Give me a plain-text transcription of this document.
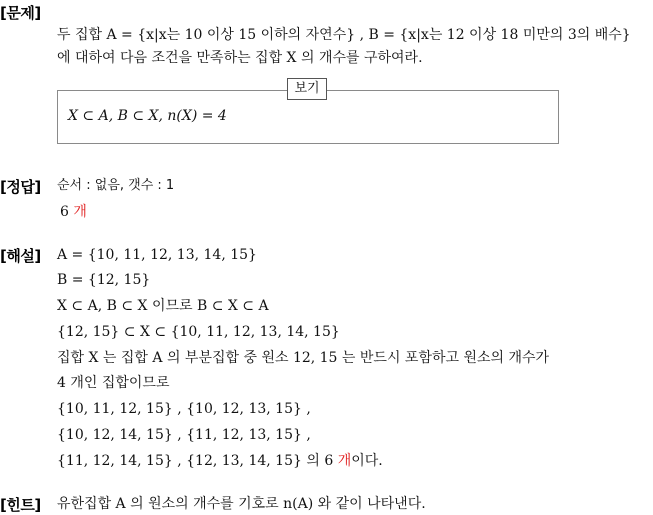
[문제]
두 집합 A = {x|x는 10 이상 15 이하의 자연수} , B = {x|x는 12 이상 18 미만의 3의 배수}
에 대하여 다음 조건을 만족하는 집합 X 의 개수를 구하여라.
보기
X ⊂ A, B ⊂ X, n(X) = 4
[정답] 순서 : 없음, 갯수 : 1
6 개
[해설] A = {10, 11, 12, 13, 14, 15}
B = {12, 15}
X ⊂ A, B ⊂ X 이므로 B ⊂ X ⊂ A
{12, 15} ⊂ X ⊂ {10, 11, 12, 13, 14, 15}
집합 X 는 집합 A 의 부분집합 중 원소 12, 15 는 반드시 포함하고 원소의 개수가
4 개인 집합이므로
{10, 11, 12, 15} , {10, 12, 13, 15} ,
{10, 12, 14, 15} , {11, 12, 13, 15} ,
{11, 12, 14, 15} , {12, 13, 14, 15} 의 6 개이다.
[힌트] 유한집합 A 의 원소의 개수를 기호로 n(A) 와 같이 나타낸다.
